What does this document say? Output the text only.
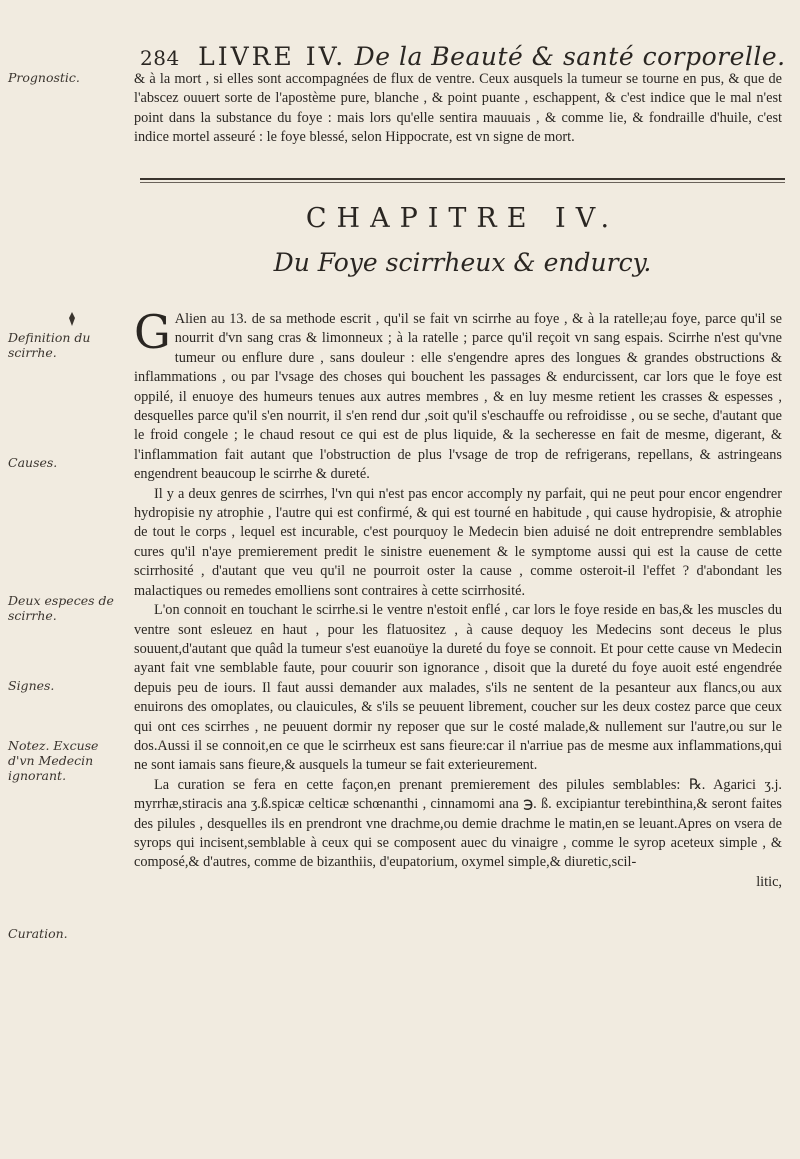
284 LIVRE IV. De la Beauté & santé corporelle.
Prognostic.
Definition du scirrhe.
Causes.
Deux especes de scirrhe.
Signes.
Notez. Excuse d'vn Medecin ignorant.
Curation.

& à la mort , si elles sont accompagnées de flux de ventre. Ceux ausquels la tumeur se tourne en pus, & que de l'abscez ouuert sorte de l'apostème pure, blanche , & point puante , eschappent, & c'est indice que le mal n'est point dans la substance du foye : mais lors qu'elle sentira mauuais , & comme lie, & fondraille d'huile, c'est indice mortel asseuré : le foye blessé, selon Hippocrate, est vn signe de mort.

CHAPITRE IV.
Du Foye scirrheux & endurcy.

G Alien au 13. de sa methode escrit , qu'il se fait vn scirrhe au foye , & à la ratelle;au foye, parce qu'il se nourrit d'vn sang cras & limonneux ; à la ratelle ; parce qu'il reçoit vn sang espais. Scirrhe n'est qu'vne tumeur ou enflure dure , sans douleur : elle s'engendre apres des longues & grandes obstructions & inflammations , ou par l'vsage des choses qui bouchent les passages & endurcissent, car lors que le foye est oppilé, il enuoye des humeurs tenues aux autres membres , & en luy mesme retient les crasses & espesses , desquelles parce qu'il s'en nourrit, il s'en rend dur ,soit qu'il s'eschauffe ou refroidisse , ou se seche, d'autant que le froid congele ; le chaud resout ce qui est de plus liquide, & la secheresse en fait de mesme, digerant, & l'inflammation fait autant que l'obstruction de plus l'vsage de trop de refrigerans, repellans, & astringeans engendrent beaucoup le scirrhe & dureté.

Il y a deux genres de scirrhes, l'vn qui n'est pas encor accomply ny parfait, qui ne peut pour encor engendrer hydropisie ny atrophie , l'autre qui est confirmé, & qui est tourné en habitude , qui cause hydropisie, & atrophie de tout le corps , lequel est incurable, c'est pourquoy le Medecin bien aduisé ne doit entreprendre semblables cures qu'il n'aye premierement predit le sinistre euenement & le symptome aussi qui est la cause de cette scirrhosité , d'autant que veu qu'il ne pourroit oster la cause , comme osteroit-il l'effet ? d'abondant les malactiques ou remedes emolliens sont contraires à cette scirrhosité.

L'on connoit en touchant le scirrhe.si le ventre n'estoit enflé , car lors le foye reside en bas,& les muscles du ventre sont esleuez en haut , pour les flatuositez , à cause dequoy les Medecins sont deceus le plus souuent,d'autant que quâd la tumeur s'est euanoüye la dureté du foye se connoit. Et pour cette cause vn Medecin ayant fait vne semblable faute, pour couurir son ignorance , disoit que la dureté du foye auoit esté engendrée depuis peu de iours. Il faut aussi demander aux malades, s'ils ne sentent de la pesanteur aux flancs,ou aux enuirons des omoplates, ou clauicules, & s'ils se peuuent librement, coucher sur les deux costez parce que ceux qui ont ces scirrhes , ne peuuent dormir ny reposer que sur le costé malade,& nullement sur l'autre,ou sur le dos.Aussi il se connoit,en ce que le scirrheux est sans fieure:car il n'arriue pas de mesme aux inflammations,qui ne sont iamais sans fieure,& ausquels la tumeur se fait exterieurement.

La curation se fera en cette façon,en prenant premierement des pilules semblables: ℞. Agarici ʒ.j. myrrhæ,stiracis ana ʒ.ß.spicæ celticæ schœnanthi , cinnamomi ana ℈. ß. excipiantur terebinthina,& seront faites des pilules , desquelles ils en prendront vne drachme,ou demie drachme le matin,en se leuant.Apres on vsera de syrops qui incisent,semblable à ceux qui se composent auec du vinaigre , comme le syrop aceteux simple , & composé,& d'autres, comme de bizanthiis, d'eupatorium, oxymel simple,& diuretic,scil-

litic,
